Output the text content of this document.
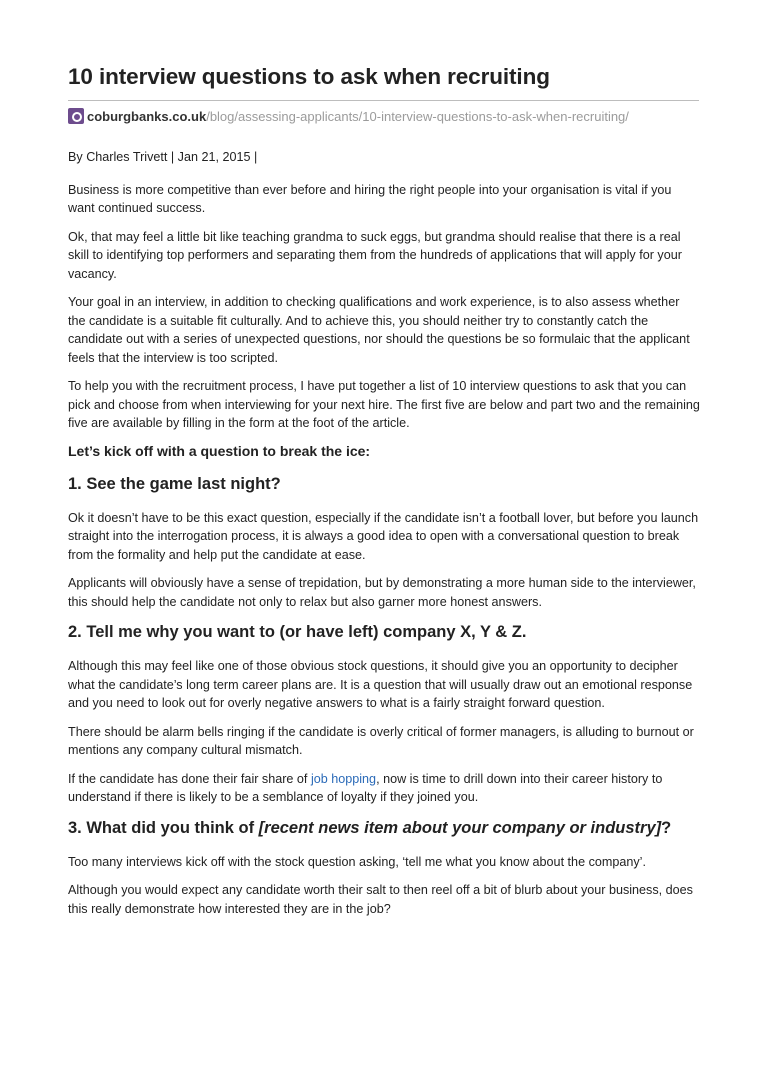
10 interview questions to ask when recruiting
coburgbanks.co.uk/blog/assessing-applicants/10-interview-questions-to-ask-when-recruiting/

By Charles Trivett | Jan 21, 2015 |

Business is more competitive than ever before and hiring the right people into your organisation is vital if you want continued success.

Ok, that may feel a little bit like teaching grandma to suck eggs, but grandma should realise that there is a real skill to identifying top performers and separating them from the hundreds of applications that will apply for your vacancy.

Your goal in an interview, in addition to checking qualifications and work experience, is to also assess whether the candidate is a suitable fit culturally. And to achieve this, you should neither try to constantly catch the candidate out with a series of unexpected questions, nor should the questions be so formulaic that the applicant feels that the interview is too scripted.

To help you with the recruitment process, I have put together a list of 10 interview questions to ask that you can pick and choose from when interviewing for your next hire. The first five are below and part two and the remaining five are available by filling in the form at the foot of the article.

Let’s kick off with a question to break the ice:
1. See the game last night?

Ok it doesn’t have to be this exact question, especially if the candidate isn’t a football lover, but before you launch straight into the interrogation process, it is always a good idea to open with a conversational question to break from the formality and help put the candidate at ease.

Applicants will obviously have a sense of trepidation, but by demonstrating a more human side to the interviewer, this should help the candidate not only to relax but also garner more honest answers.

2. Tell me why you want to (or have left) company X, Y & Z.

Although this may feel like one of those obvious stock questions, it should give you an opportunity to decipher what the candidate’s long term career plans are. It is a question that will usually draw out an emotional response and you need to look out for overly negative answers to what is a fairly straight forward question.

There should be alarm bells ringing if the candidate is overly critical of former managers, is alluding to burnout or mentions any company cultural mismatch.

If the candidate has done their fair share of job hopping, now is time to drill down into their career history to understand if there is likely to be a semblance of loyalty if they joined you.

3. What did you think of [recent news item about your company or industry]?

Too many interviews kick off with the stock question asking, ‘tell me what you know about the company’.

Although you would expect any candidate worth their salt to then reel off a bit of blurb about your business, does this really demonstrate how interested they are in the job?
